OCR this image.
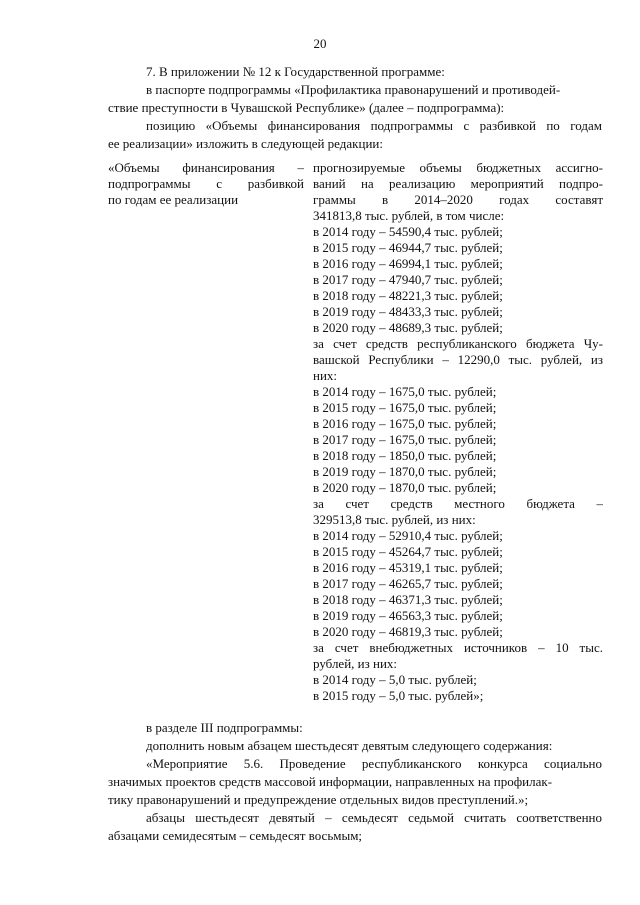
20
7. В приложении № 12 к Государственной программе:
в паспорте подпрограммы «Профилактика правонарушений и противодей-
ствие преступности в Чувашской Республике» (далее – подпрограмма):
позицию «Объемы финансирования подпрограммы с разбивкой по годам
ее реализации» изложить в следующей редакции:
«Объемы финансирования –
подпрограммы с разбивкой
по годам ее реализации
прогнозируемые объемы бюджетных ассигно-
ваний на реализацию мероприятий подпро-
граммы в 2014–2020 годах составят
341813,8 тыс. рублей, в том числе:
в 2014 году – 54590,4 тыс. рублей;
в 2015 году – 46944,7 тыс. рублей;
в 2016 году – 46994,1 тыс. рублей;
в 2017 году – 47940,7 тыс. рублей;
в 2018 году – 48221,3 тыс. рублей;
в 2019 году – 48433,3 тыс. рублей;
в 2020 году – 48689,3 тыс. рублей;
за счет средств республиканского бюджета Чу-
вашской Республики – 12290,0 тыс. рублей, из
них:
в 2014 году – 1675,0 тыс. рублей;
в 2015 году – 1675,0 тыс. рублей;
в 2016 году – 1675,0 тыс. рублей;
в 2017 году – 1675,0 тыс. рублей;
в 2018 году – 1850,0 тыс. рублей;
в 2019 году – 1870,0 тыс. рублей;
в 2020 году – 1870,0 тыс. рублей;
за счет средств местного бюджета –
329513,8 тыс. рублей, из них:
в 2014 году – 52910,4 тыс. рублей;
в 2015 году – 45264,7 тыс. рублей;
в 2016 году – 45319,1 тыс. рублей;
в 2017 году – 46265,7 тыс. рублей;
в 2018 году – 46371,3 тыс. рублей;
в 2019 году – 46563,3 тыс. рублей;
в 2020 году – 46819,3 тыс. рублей;
за счет внебюджетных источников – 10 тыс.
рублей, из них:
в 2014 году – 5,0 тыс. рублей;
в 2015 году – 5,0 тыс. рублей»;
в разделе III подпрограммы:
дополнить новым абзацем шестьдесят девятым следующего содержания:
«Мероприятие 5.6. Проведение республиканского конкурса социально
значимых проектов средств массовой информации, направленных на профилак-
тику правонарушений и предупреждение отдельных видов преступлений.»;
абзацы шестьдесят девятый – семьдесят седьмой считать соответственно
абзацами семидесятым – семьдесят восьмым;
